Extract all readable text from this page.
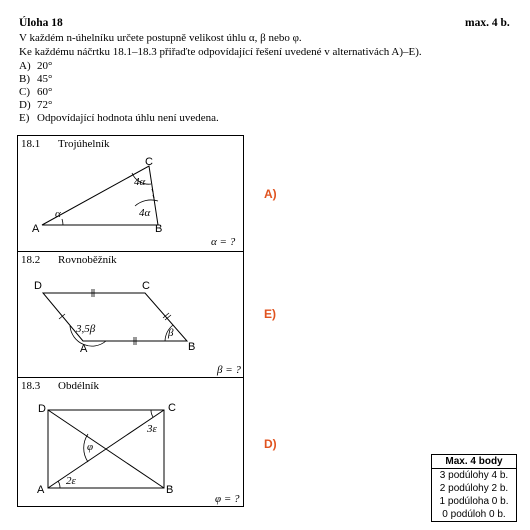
Úloha 18	max. 4 b.
V každém n-úhelníku určete postupně velikost úhlu α, β nebo φ.
Ke každému náčrtku 18.1–18.3 přiřaďte odpovídající řešení uvedené v alternativách A)–E).
A) 20°
B) 45°
C) 60°
D) 72°
E) Odpovídající hodnota úhlu není uvedena.
18.1 Trojúhelník
C
A	B
α	4α
4α
α = ?
18.2 Rovnoběžník
D	C
A	B
3,5β	β
β = ?
18.3 Obdélník
D	C
A	B
2ε
3ε
φ
φ = ?
A)
E)
D)
Max. 4 body
3 podúlohy 4 b.
2 podúlohy 2 b.
1 podúloha 0 b.
0 podúloh 0 b.
